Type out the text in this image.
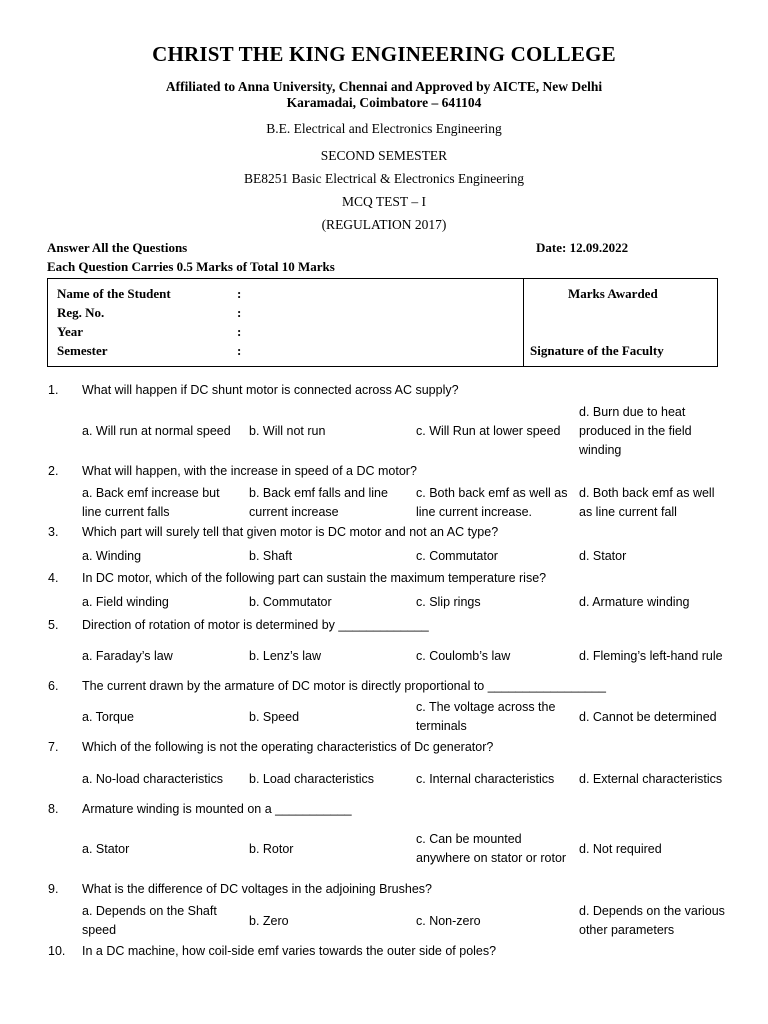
CHRIST THE KING ENGINEERING COLLEGE
Affiliated to Anna University, Chennai and Approved by AICTE, New Delhi
Karamadai, Coimbatore – 641104
B.E. Electrical and Electronics Engineering
SECOND SEMESTER
BE8251 Basic Electrical & Electronics Engineering
MCQ TEST – I
(REGULATION 2017)
Answer All the Questions	Date: 12.09.2022
Each Question Carries 0.5 Marks of Total 10 Marks
Name of the Student	:
Reg. No.	:
Year	:
Semester	:
Marks Awarded
Signature of the Faculty
1. What will happen if DC shunt motor is connected across AC supply?
a. Will run at normal speed b. Will not run	c. Will Run at lower speed
d. Burn due to heat produced in the field winding
2. What will happen, with the increase in speed of a DC motor?
a. Back emf increase but line current falls
b. Back emf falls and line current increase
c. Both back emf as well as line current increase.
d. Both back emf as well as line current fall
3. Which part will surely tell that given motor is DC motor and not an AC type?
a. Winding	b. Shaft	c. Commutator	d. Stator
4. In DC motor, which of the following part can sustain the maximum temperature rise?
a. Field winding	b. Commutator	c. Slip rings	d. Armature winding
5. Direction of rotation of motor is determined by _____________
a. Faraday’s law	b. Lenz’s law	c. Coulomb’s law	d. Fleming’s left-hand rule
6. The current drawn by the armature of DC motor is directly proportional to _________________
a. Torque	b. Speed
c. The voltage across the terminals
d. Cannot be determined
7. Which of the following is not the operating characteristics of Dc generator?
a. No-load characteristics b. Load characteristics	c. Internal characteristics d. External characteristics
8. Armature winding is mounted on a ___________
a. Stator	b. Rotor
c. Can be mounted anywhere on stator or rotor
d. Not required
9. What is the difference of DC voltages in the adjoining Brushes?
a. Depends on the Shaft speed
b. Zero	c. Non-zero
d. Depends on the various other parameters
10. In a DC machine, how coil-side emf varies towards the outer side of poles?
